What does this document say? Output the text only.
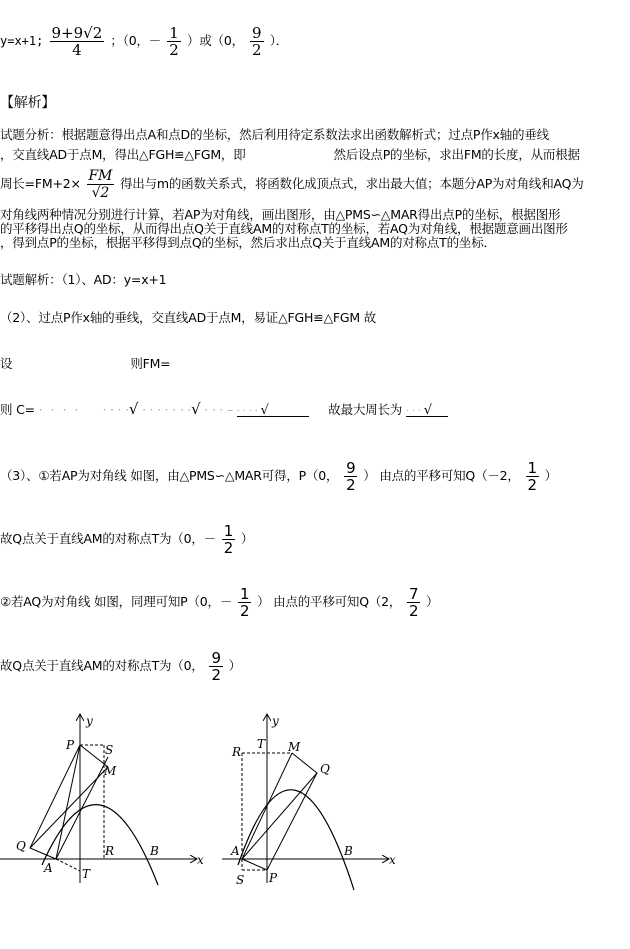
y=x+1; $\frac{9+9√2}{4}$ ；（0，－ $\frac{1}{2}$ ）或（0， $\frac{9}{2}$ ）．
【解析】
试题分析：根据题意得出点A和点D的坐标，然后利用待定系数法求出函数解析式；过点P作x轴的垂线
，交直线AD于点M，得出△FGH≌△FGM，即	然后设点P的坐标，求出FM的长度，从而根据
周长$=FM+2\times \frac{FM}{√2}$ 得出与m的函数关系式，将函数化成顶点式，求出最大值；本题分AP为对角线和AQ为
对角线两种情况分别进行计算，若AP为对角线，画出图形，由△PMS∽△MAR得出点P的坐标，根据图形
的平移得出点Q的坐标，从而得出点Q关于直线AM的对称点T的坐标，若AQ为对角线，根据题意画出图形
，得到点P的坐标，根据平移得到点Q的坐标，然后求出点Q关于直线AM的对称点T的坐标．
试题解析：（1）、AD：y=x+1
（2）、过点P作x轴的垂线，交直线AD于点M，易证△FGH≌△FGM 故
设	则FM=
则 C= · · · · · · · ·√ · · · · · · ·√ · · · – · · · · √	故最大周长为 · · · √
（3）、①若AP为对角线 如图，由△PMS∽△MAR可得，P（0， $\frac{9}{2}$ ） 由点的平移可知Q（－2， $\frac{1}{2}$ ）
故Q点关于直线AM的对称点T为（0，－ $\frac{1}{2}$ ）
②若AQ为对角线 如图，同理可知P（0，－ $\frac{1}{2}$ ） 由点的平移可知Q（2， $\frac{7}{2}$ ）
故Q点关于直线AM的对称点T为（0， $\frac{9}{2}$ ）
y
x
P	S
M
Q
A T
R	B
y
x
R
T M
Q
A
S P
B
